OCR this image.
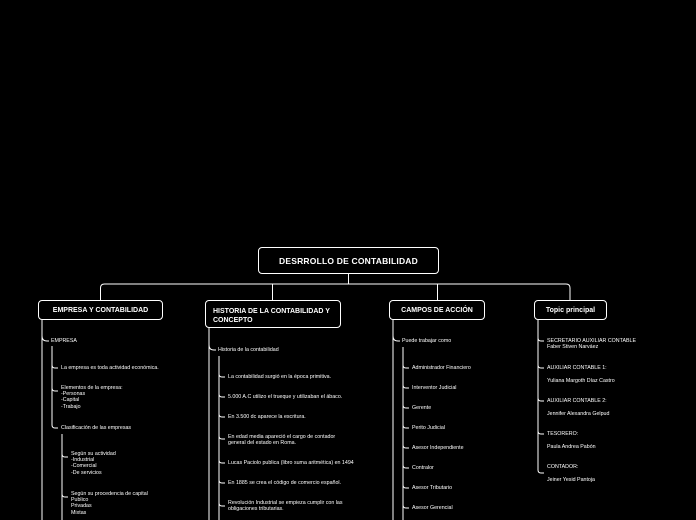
DESRROLLO DE CONTABILIDAD
EMPRESA Y CONTABILIDAD	HISTORIA DE LA CONTABILIDAD Y CONCEPTO
CAMPOS DE ACCIÓN	Topic principal
EMPRESA
La empresa es toda actividad económica.
Elementos de la empresa:
-Personas
-Capital
-Trabajo
Clasificación de las empresas
Según su actividad
-Industrial
-Comercial
-De servicios
Según su procedencia de capital
Publico
Privadas
Mixtas
Historia de la contabilidad
La contabilidad surgió en la época primitiva.
5.000 A.C utilizo el trueque y utilizaban el ábaco.
En 3.500 dc aparece la escritura.
En edad media apareció el cargo de contador
general del estado en Roma.
Lucas Paciolo publica (libro suma aritmética) en 1494
En 1885 se crea el código de comercio español.
Revolución Industrial se empieza cumplir con las
obligaciones tributarias.
Puede trabajar como
Administrador Financiero
Interventor Judicial
Gerente
Perito Judicial
Asesor Independiente
Contralor
Asesor Tributario
Asesor Gerencial
SECRETARIO AUXILIAR CONTABLE
Faber Stiven Narváez
AUXILIAR CONTABLE 1:
Yuliana Margoth Díaz Castro
AUXILIAR CONTABLE 2:
Jennifer Alexandra Gelpud
TESORERO:
Paula Andrea Pabón
CONTADOR:
Jeiner Yesid Pantoja
